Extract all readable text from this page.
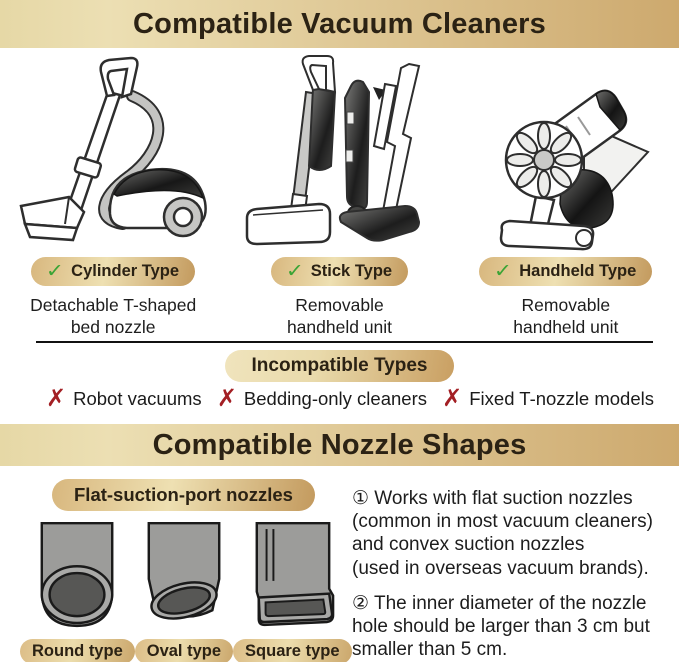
Compatible Vacuum Cleaners
✓ Cylinder Type	✓ Stick Type	✓ Handheld Type
Detachable T-shaped
bed nozzle
Removable
handheld unit
Removable
handheld unit
Incompatible Types
✗ Robot vacuums ✗ Bedding-only cleaners ✗ Fixed T-nozzle models
Compatible Nozzle Shapes
Flat-suction-port nozzles
Round type	Oval type	Square type

① Works with flat suction nozzles
(common in most vacuum cleaners)
and convex suction nozzles
(used in overseas vacuum brands).

② The inner diameter of the nozzle
hole should be larger than 3 cm but
smaller than 5 cm.
